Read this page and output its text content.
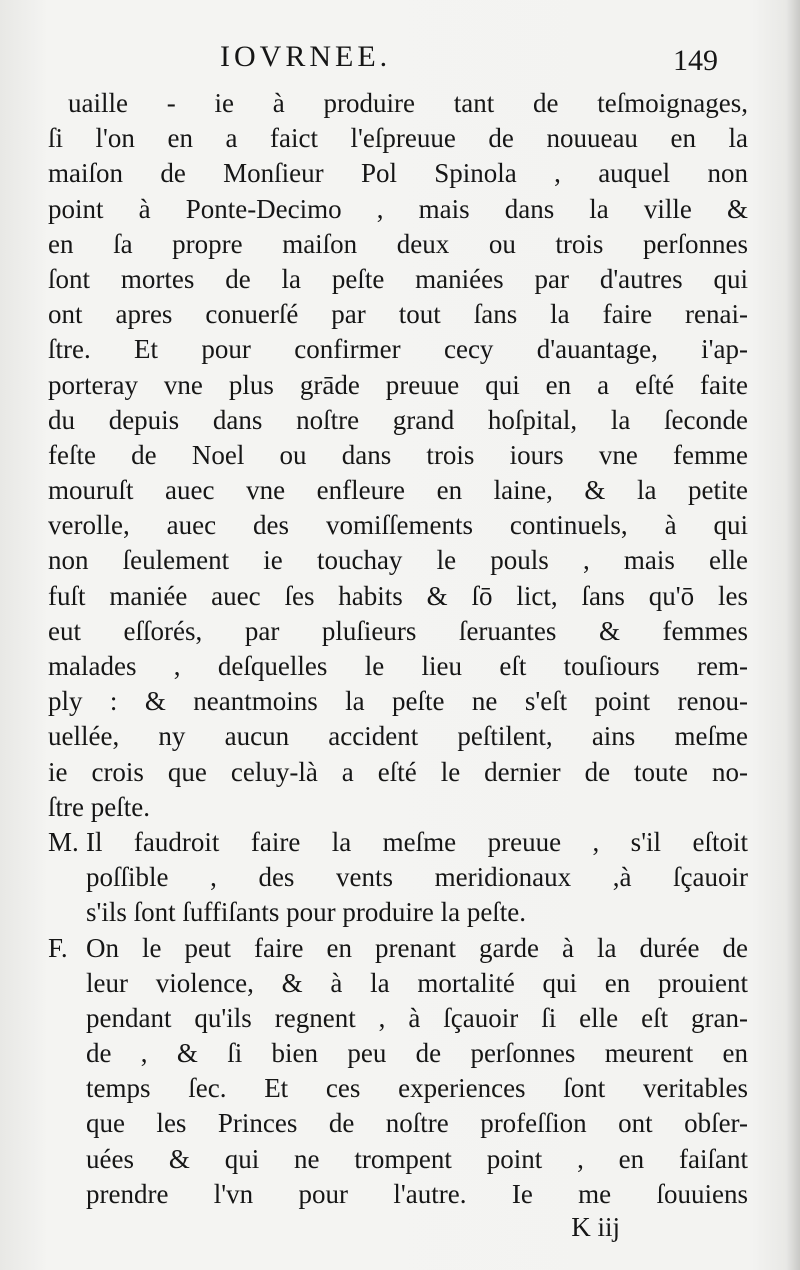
IOVRNEE.	149
uaille - ie à produire tant de teſmoignages,
ſi l'on en a faict l'eſpreuue de nouueau en la
maiſon de Monſieur Pol Spinola , auquel non
point à Ponte-Decimo , mais dans la ville &
en ſa propre maiſon deux ou trois perſonnes
ſont mortes de la peſte maniées par d'autres qui
ont apres conuerſé par tout ſans la faire renai-
ſtre. Et pour confirmer cecy d'auantage, i'ap-
porteray vne plus grāde preuue qui en a eſté faite
du depuis dans noſtre grand hoſpital, la ſeconde
feſte de Noel ou dans trois iours vne femme
mouruſt auec vne enfleure en laine, & la petite
verolle, auec des vomiſſements continuels, à qui
non ſeulement ie touchay le pouls , mais elle
fuſt maniée auec ſes habits & ſō lict, ſans qu'ō les
eut eſſorés, par pluſieurs ſeruantes & femmes
malades , deſquelles le lieu eſt touſiours rem-
ply : & neantmoins la peſte ne s'eſt point renou-
uellée, ny aucun accident peſtilent, ains meſme
ie crois que celuy-là a eſté le dernier de toute no-
ſtre peſte.
M. Il faudroit faire la meſme preuue , s'il eſtoit
poſſible , des vents meridionaux ,à ſçauoir
s'ils ſont ſuffiſants pour produire la peſte.
F. On le peut faire en prenant garde à la durée de
leur violence, & à la mortalité qui en prouient
pendant qu'ils regnent , à ſçauoir ſi elle eſt gran-
de , & ſi bien peu de perſonnes meurent en
temps ſec. Et ces experiences ſont veritables
que les Princes de noſtre profeſſion ont obſer-
uées & qui ne trompent point , en faiſant
prendre l'vn pour l'autre. Ie me ſouuiens
K iij
